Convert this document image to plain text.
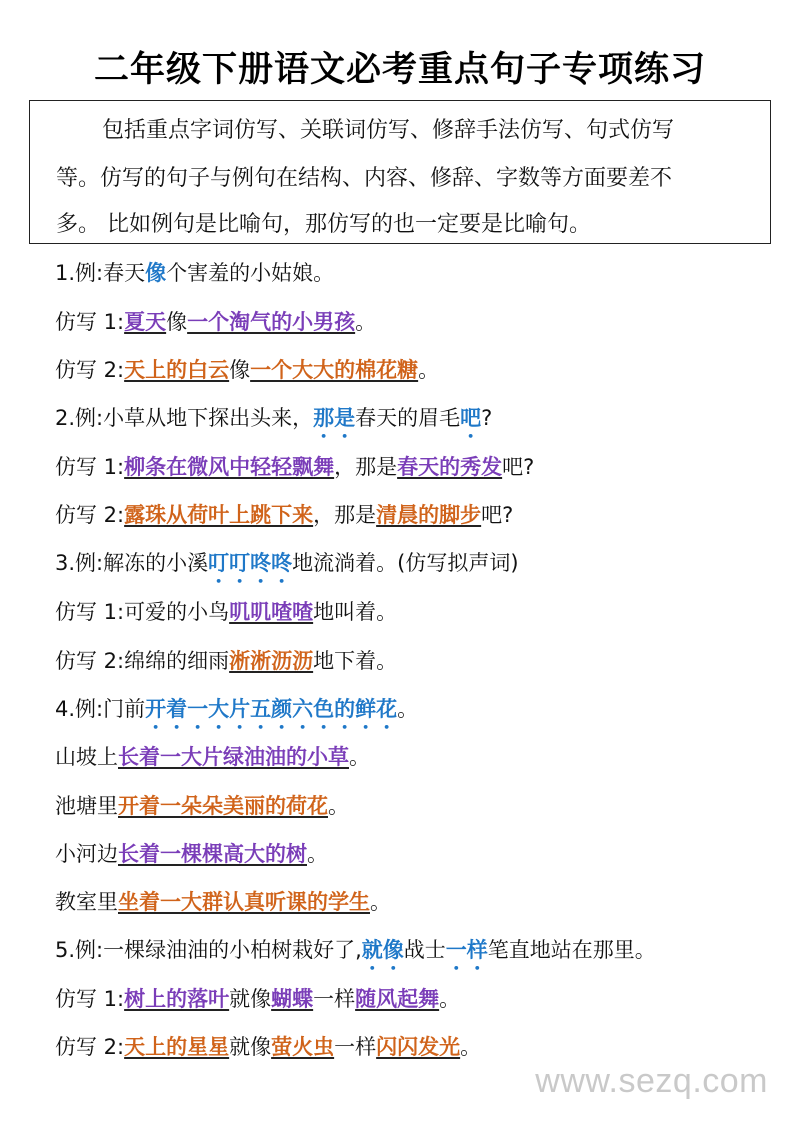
二年级下册语文必考重点句子专项练习
包括重点字词仿写、关联词仿写、修辞手法仿写、句式仿写
等。仿写的句子与例句在结构、内容、修辞、字数等方面要差不
多。 比如例句是比喻句，那仿写的也一定要是比喻句。
1.例:春天像个害羞的小姑娘。
仿写 1:夏天像一个淘气的小男孩。
仿写 2:天上的白云像一个大大的棉花糖。
2.例:小草从地下探出头来，那是春天的眉毛吧?
仿写 1:柳条在微风中轻轻飘舞，那是春天的秀发吧?
仿写 2:露珠从荷叶上跳下来，那是清晨的脚步吧?
3.例:解冻的小溪叮叮咚咚地流淌着。(仿写拟声词)
仿写 1:可爱的小鸟叽叽喳喳地叫着。
仿写 2:绵绵的细雨淅淅沥沥地下着。
4.例:门前开着一大片五颜六色的鲜花。
山坡上长着一大片绿油油的小草。
池塘里开着一朵朵美丽的荷花。
小河边长着一棵棵高大的树。
教室里坐着一大群认真听课的学生。
5.例:一棵绿油油的小柏树栽好了,就像战士一样笔直地站在那里。
仿写 1:树上的落叶就像蝴蝶一样随风起舞。
仿写 2:天上的星星就像萤火虫一样闪闪发光。
www.sezq.com
